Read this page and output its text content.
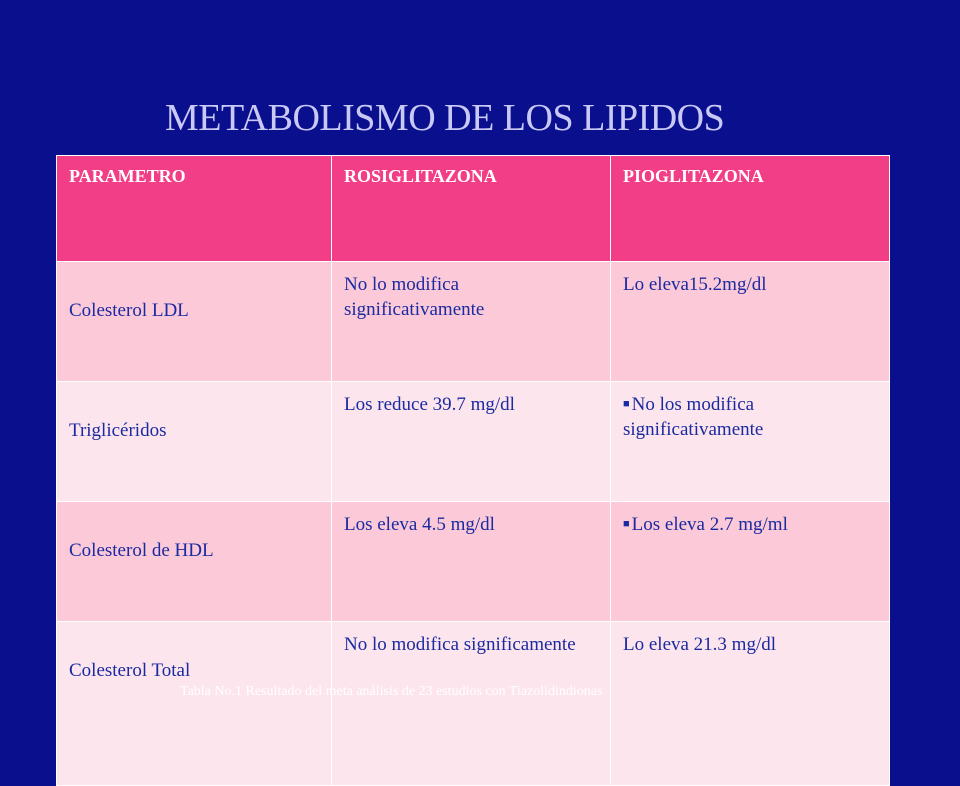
METABOLISMO DE LOS LIPIDOS
PARAMETRO	ROSIGLITAZONA	PIOGLITAZONA
Colesterol LDL	No lo modifica significativamente	Lo eleva15.2mg/dl
Triglicéridos	Los reduce 39.7 mg/dl	■ No los modifica significativamente
Colesterol de HDL	Los eleva 4.5 mg/dl	■ Los eleva 2.7 mg/ml
Colesterol Total	No lo modifica significamente	Lo eleva 21.3 mg/dl
Tabla No.1 Resultado del meta análisis de 23 estudios con Tiazolidindionas
